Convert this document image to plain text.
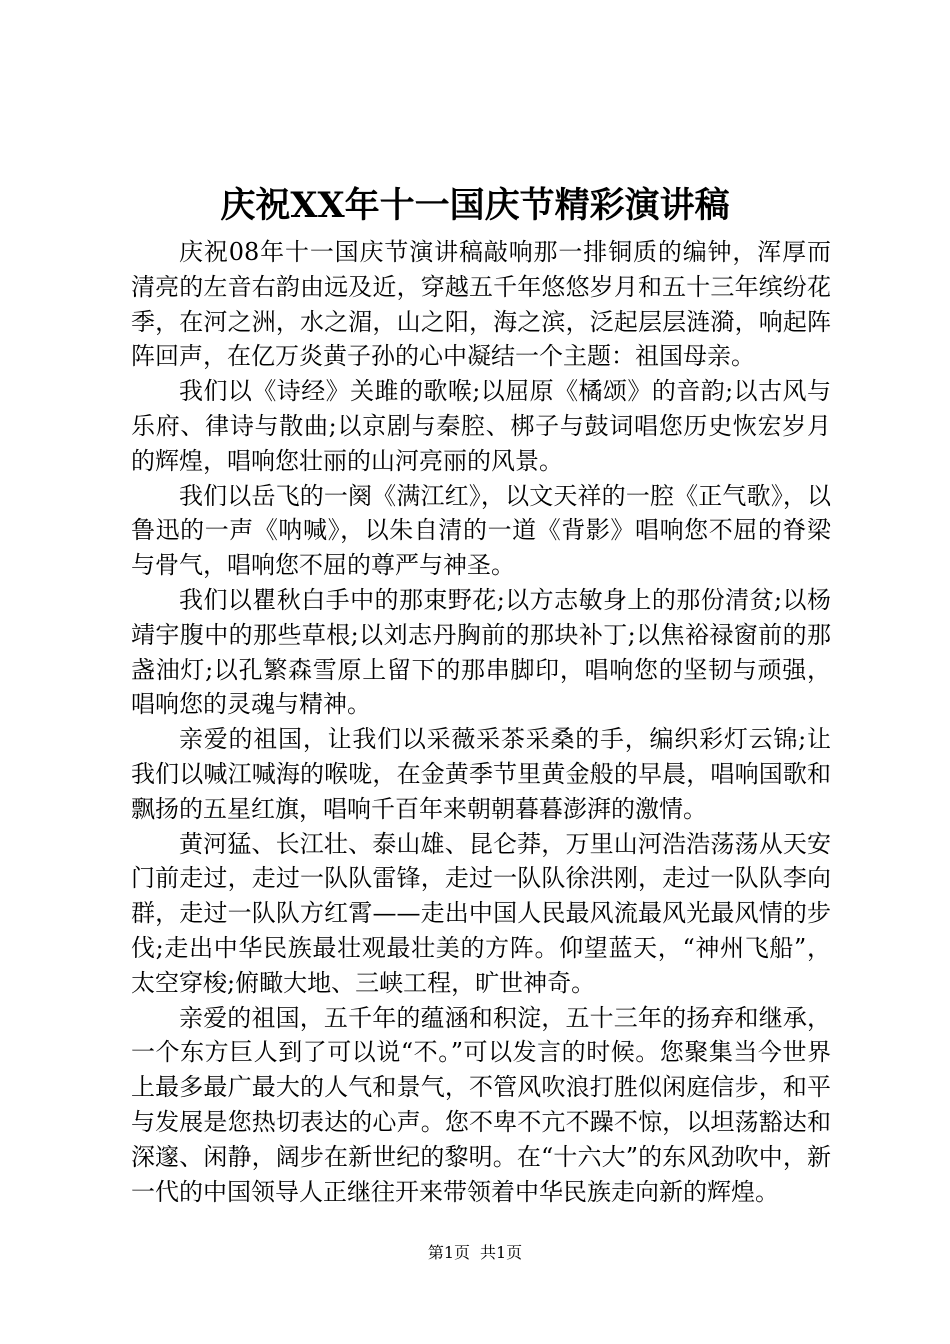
庆祝XX年十一国庆节精彩演讲稿

庆祝08年十一国庆节演讲稿敲响那一排铜质的编钟，浑厚而清亮的左音右韵由远及近，穿越五千年悠悠岁月和五十三年缤纷花季，在河之洲，水之湄，山之阳，海之滨，泛起层层涟漪，响起阵阵回声，在亿万炎黄子孙的心中凝结一个主题：祖国母亲。

我们以《诗经》关雎的歌喉;以屈原《橘颂》的音韵;以古风与乐府、律诗与散曲;以京剧与秦腔、梆子与鼓词唱您历史恢宏岁月的辉煌，唱响您壮丽的山河亮丽的风景。

我们以岳飞的一阕《满江红》，以文天祥的一腔《正气歌》，以鲁迅的一声《呐喊》，以朱自清的一道《背影》唱响您不屈的脊梁与骨气，唱响您不屈的尊严与神圣。

我们以瞿秋白手中的那束野花;以方志敏身上的那份清贫;以杨靖宇腹中的那些草根;以刘志丹胸前的那块补丁;以焦裕禄窗前的那盏油灯;以孔繁森雪原上留下的那串脚印，唱响您的坚韧与顽强，唱响您的灵魂与精神。

亲爱的祖国，让我们以采薇采茶采桑的手，编织彩灯云锦;让我们以喊江喊海的喉咙，在金黄季节里黄金般的早晨，唱响国歌和飘扬的五星红旗，唱响千百年来朝朝暮暮澎湃的激情。

黄河猛、长江壮、泰山雄、昆仑莽，万里山河浩浩荡荡从天安门前走过，走过一队队雷锋，走过一队队徐洪刚，走过一队队李向群，走过一队队方红霄——走出中国人民最风流最风光最风情的步伐;走出中华民族最壮观最壮美的方阵。仰望蓝天，“神州飞船”，太空穿梭;俯瞰大地、三峡工程，旷世神奇。

亲爱的祖国，五千年的蕴涵和积淀，五十三年的扬弃和继承，一个东方巨人到了可以说“不。”可以发言的时候。您聚集当今世界上最多最广最大的人气和景气，不管风吹浪打胜似闲庭信步，和平与发展是您热切表达的心声。您不卑不亢不躁不惊，以坦荡豁达和深邃、闲静，阔步在新世纪的黎明。在“十六大”的东风劲吹中，新一代的中国领导人正继往开来带领着中华民族走向新的辉煌。

第1页 共1页
